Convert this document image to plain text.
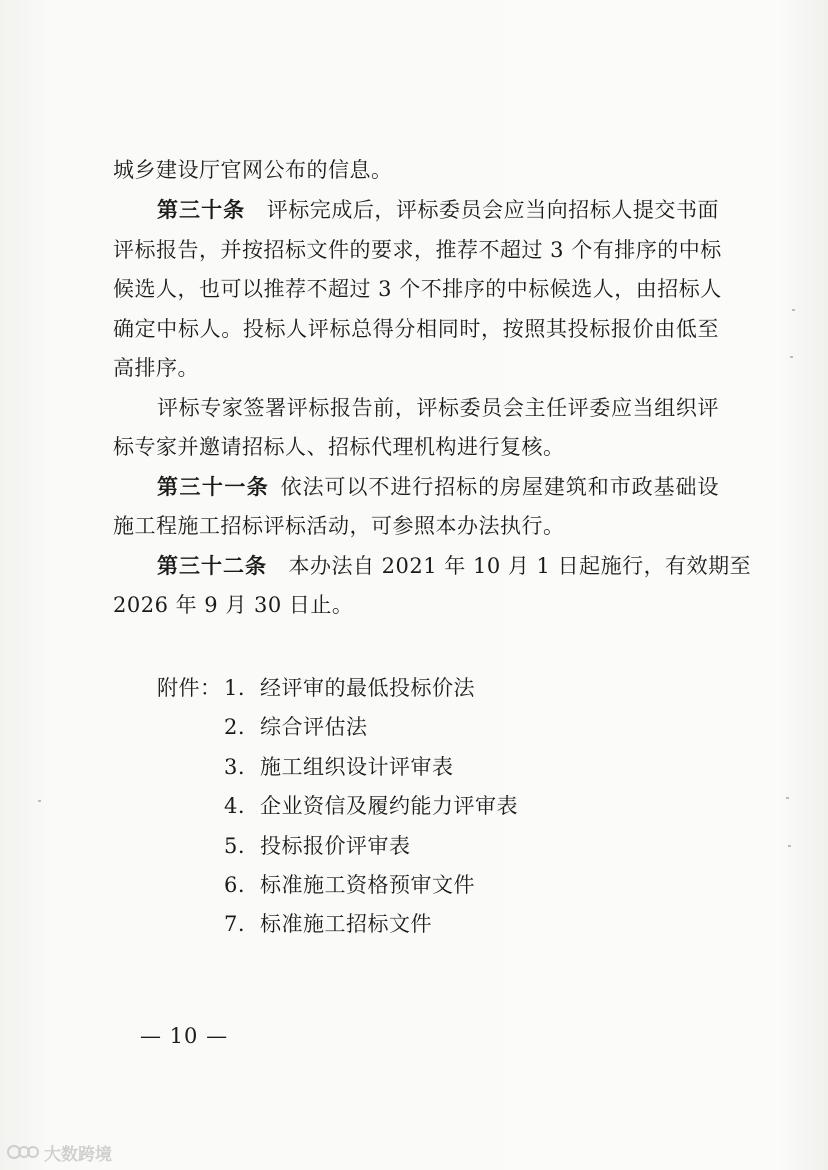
城乡建设厅官网公布的信息。
第三十条　 评标完成后，评标委员会应当向招标人提交书面
评标报告，并按招标文件的要求，推荐不超过 3 个有排序的中标
候选人，也可以推荐不超过 3 个不排序的中标候选人，由招标人
确定中标人。投标人评标总得分相同时，按照其投标报价由低至
高排序。
评标专家签署评标报告前，评标委员会主任评委应当组织评
标专家并邀请招标人、招标代理机构进行复核。
第三十一条  依法可以不进行招标的房屋建筑和市政基础设
施工程施工招标评标活动，可参照本办法执行。
第三十二条　 本办法自 2021 年 10 月 1 日起施行，有效期至
2026 年 9 月 30 日止。
附件： 1. 经评审的最低投标价法
2. 综合评估法
3. 施工组织设计评审表
4. 企业资信及履约能力评审表
5. 投标报价评审表
6. 标准施工资格预审文件
7. 标准施工招标文件
— 10 —
大数跨境
